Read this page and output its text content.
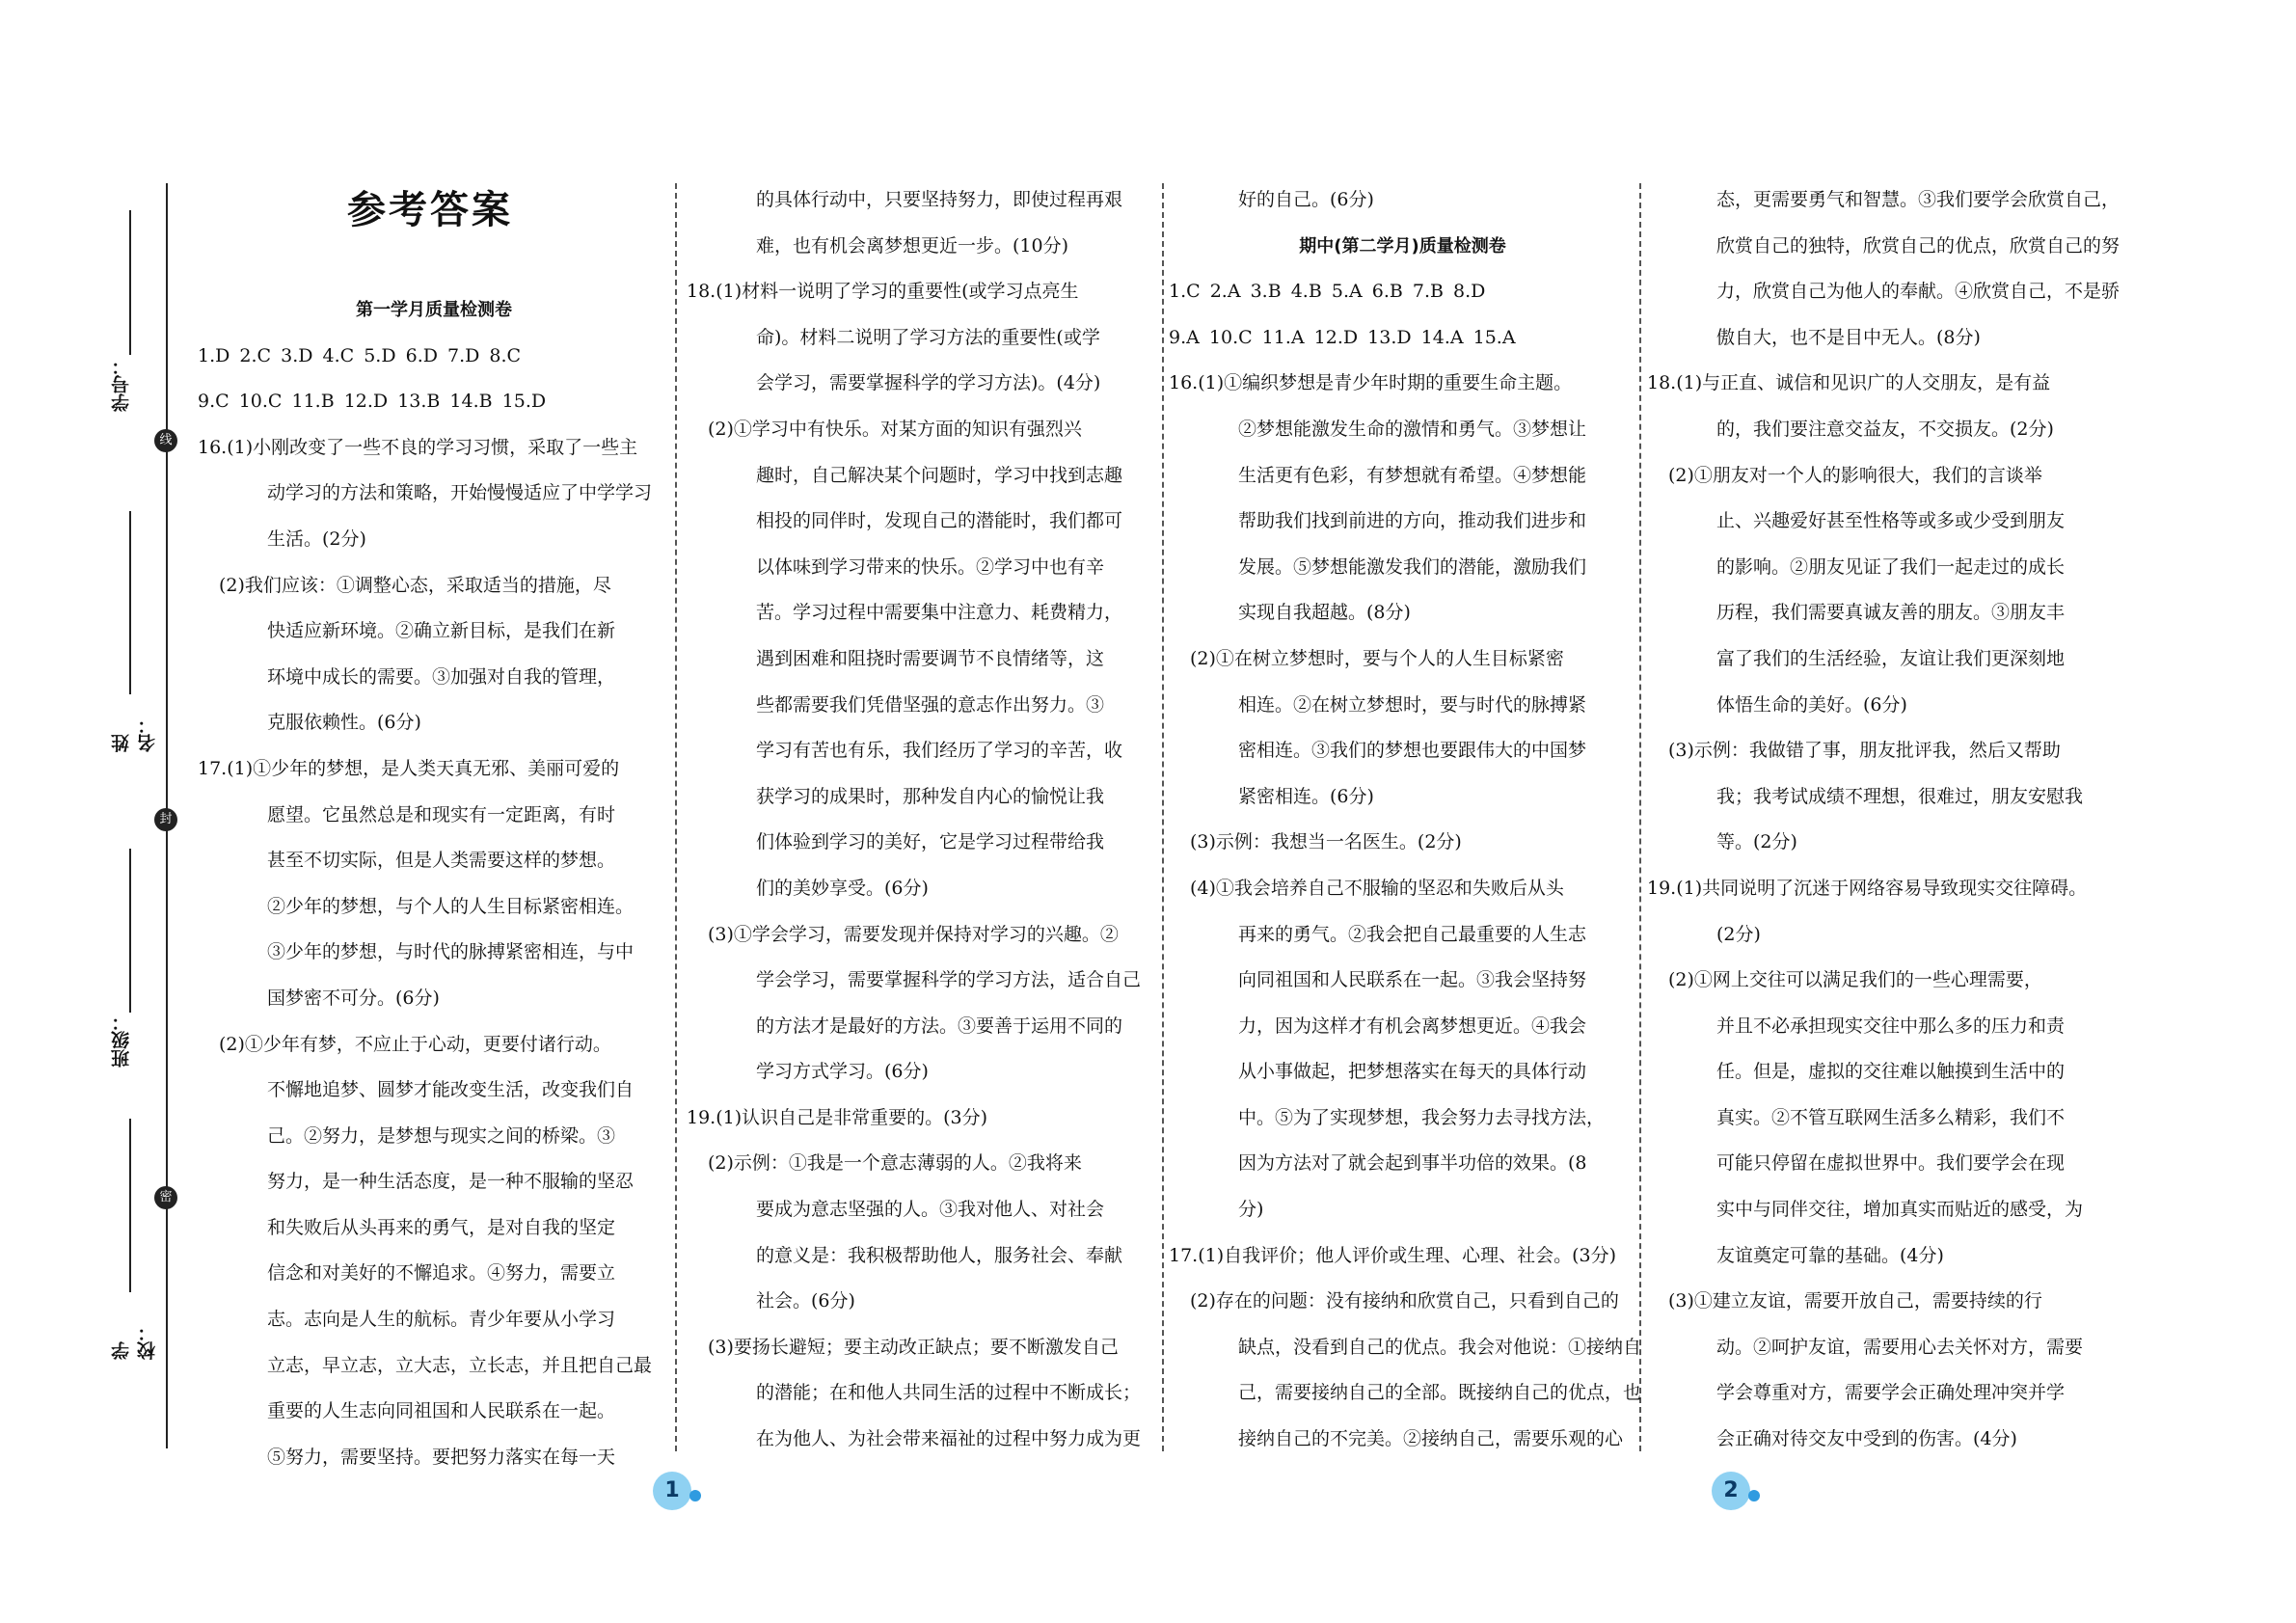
学号：
线
姓名：
封
班级：
密
学校：
参考答案
第一学月质量检测卷
1.D 2.C 3.D 4.C 5.D 6.D 7.D 8.C
9.C 10.C 11.B 12.D 13.B 14.B 15.D
16.(1)小刚改变了一些不良的学习习惯，采取了一些主
动学习的方法和策略，开始慢慢适应了中学学习
生活。(2分)
(2)我们应该：①调整心态，采取适当的措施，尽
快适应新环境。②确立新目标，是我们在新
环境中成长的需要。③加强对自我的管理，
克服依赖性。(6分)
17.(1)①少年的梦想，是人类天真无邪、美丽可爱的
愿望。它虽然总是和现实有一定距离，有时
甚至不切实际，但是人类需要这样的梦想。
②少年的梦想，与个人的人生目标紧密相连。
③少年的梦想，与时代的脉搏紧密相连，与中
国梦密不可分。(6分)
(2)①少年有梦，不应止于心动，更要付诸行动。
不懈地追梦、圆梦才能改变生活，改变我们自
己。②努力，是梦想与现实之间的桥梁。③
努力，是一种生活态度，是一种不服输的坚忍
和失败后从头再来的勇气，是对自我的坚定
信念和对美好的不懈追求。④努力，需要立
志。志向是人生的航标。青少年要从小学习
立志，早立志，立大志，立长志，并且把自己最
重要的人生志向同祖国和人民联系在一起。
⑤努力，需要坚持。要把努力落实在每一天
的具体行动中，只要坚持努力，即使过程再艰
难，也有机会离梦想更近一步。(10分)
18.(1)材料一说明了学习的重要性(或学习点亮生
命)。材料二说明了学习方法的重要性(或学
会学习，需要掌握科学的学习方法)。(4分)
(2)①学习中有快乐。对某方面的知识有强烈兴
趣时，自己解决某个问题时，学习中找到志趣
相投的同伴时，发现自己的潜能时，我们都可
以体味到学习带来的快乐。②学习中也有辛
苦。学习过程中需要集中注意力、耗费精力，
遇到困难和阻挠时需要调节不良情绪等，这
些都需要我们凭借坚强的意志作出努力。③
学习有苦也有乐，我们经历了学习的辛苦，收
获学习的成果时，那种发自内心的愉悦让我
们体验到学习的美好，它是学习过程带给我
们的美妙享受。(6分)
(3)①学会学习，需要发现并保持对学习的兴趣。②
学会学习，需要掌握科学的学习方法，适合自己
的方法才是最好的方法。③要善于运用不同的
学习方式学习。(6分)
19.(1)认识自己是非常重要的。(3分)
(2)示例：①我是一个意志薄弱的人。②我将来
要成为意志坚强的人。③我对他人、对社会
的意义是：我积极帮助他人，服务社会、奉献
社会。(6分)
(3)要扬长避短；要主动改正缺点；要不断激发自己
的潜能；在和他人共同生活的过程中不断成长；
在为他人、为社会带来福祉的过程中努力成为更
好的自己。(6分)
期中(第二学月)质量检测卷
1.C 2.A 3.B 4.B 5.A 6.B 7.B 8.D
9.A 10.C 11.A 12.D 13.D 14.A 15.A
16.(1)①编织梦想是青少年时期的重要生命主题。
②梦想能激发生命的激情和勇气。③梦想让
生活更有色彩，有梦想就有希望。④梦想能
帮助我们找到前进的方向，推动我们进步和
发展。⑤梦想能激发我们的潜能，激励我们
实现自我超越。(8分)
(2)①在树立梦想时，要与个人的人生目标紧密
相连。②在树立梦想时，要与时代的脉搏紧
密相连。③我们的梦想也要跟伟大的中国梦
紧密相连。(6分)
(3)示例：我想当一名医生。(2分)
(4)①我会培养自己不服输的坚忍和失败后从头
再来的勇气。②我会把自己最重要的人生志
向同祖国和人民联系在一起。③我会坚持努
力，因为这样才有机会离梦想更近。④我会
从小事做起，把梦想落实在每天的具体行动
中。⑤为了实现梦想，我会努力去寻找方法，
因为方法对了就会起到事半功倍的效果。(8
分)
17.(1)自我评价；他人评价或生理、心理、社会。(3分)
(2)存在的问题：没有接纳和欣赏自己，只看到自己的
缺点，没看到自己的优点。我会对他说：①接纳自
己，需要接纳自己的全部。既接纳自己的优点，也
接纳自己的不完美。②接纳自己，需要乐观的心
态，更需要勇气和智慧。③我们要学会欣赏自己，
欣赏自己的独特，欣赏自己的优点，欣赏自己的努
力，欣赏自己为他人的奉献。④欣赏自己，不是骄
傲自大，也不是目中无人。(8分)
18.(1)与正直、诚信和见识广的人交朋友，是有益
的，我们要注意交益友，不交损友。(2分)
(2)①朋友对一个人的影响很大，我们的言谈举
止、兴趣爱好甚至性格等或多或少受到朋友
的影响。②朋友见证了我们一起走过的成长
历程，我们需要真诚友善的朋友。③朋友丰
富了我们的生活经验，友谊让我们更深刻地
体悟生命的美好。(6分)
(3)示例：我做错了事，朋友批评我，然后又帮助
我；我考试成绩不理想，很难过，朋友安慰我
等。(2分)
19.(1)共同说明了沉迷于网络容易导致现实交往障碍。
(2分)
(2)①网上交往可以满足我们的一些心理需要，
并且不必承担现实交往中那么多的压力和责
任。但是，虚拟的交往难以触摸到生活中的
真实。②不管互联网生活多么精彩，我们不
可能只停留在虚拟世界中。我们要学会在现
实中与同伴交往，增加真实而贴近的感受，为
友谊奠定可靠的基础。(4分)
(3)①建立友谊，需要开放自己，需要持续的行
动。②呵护友谊，需要用心去关怀对方，需要
学会尊重对方，需要学会正确处理冲突并学
会正确对待交友中受到的伤害。(4分)
1	2
